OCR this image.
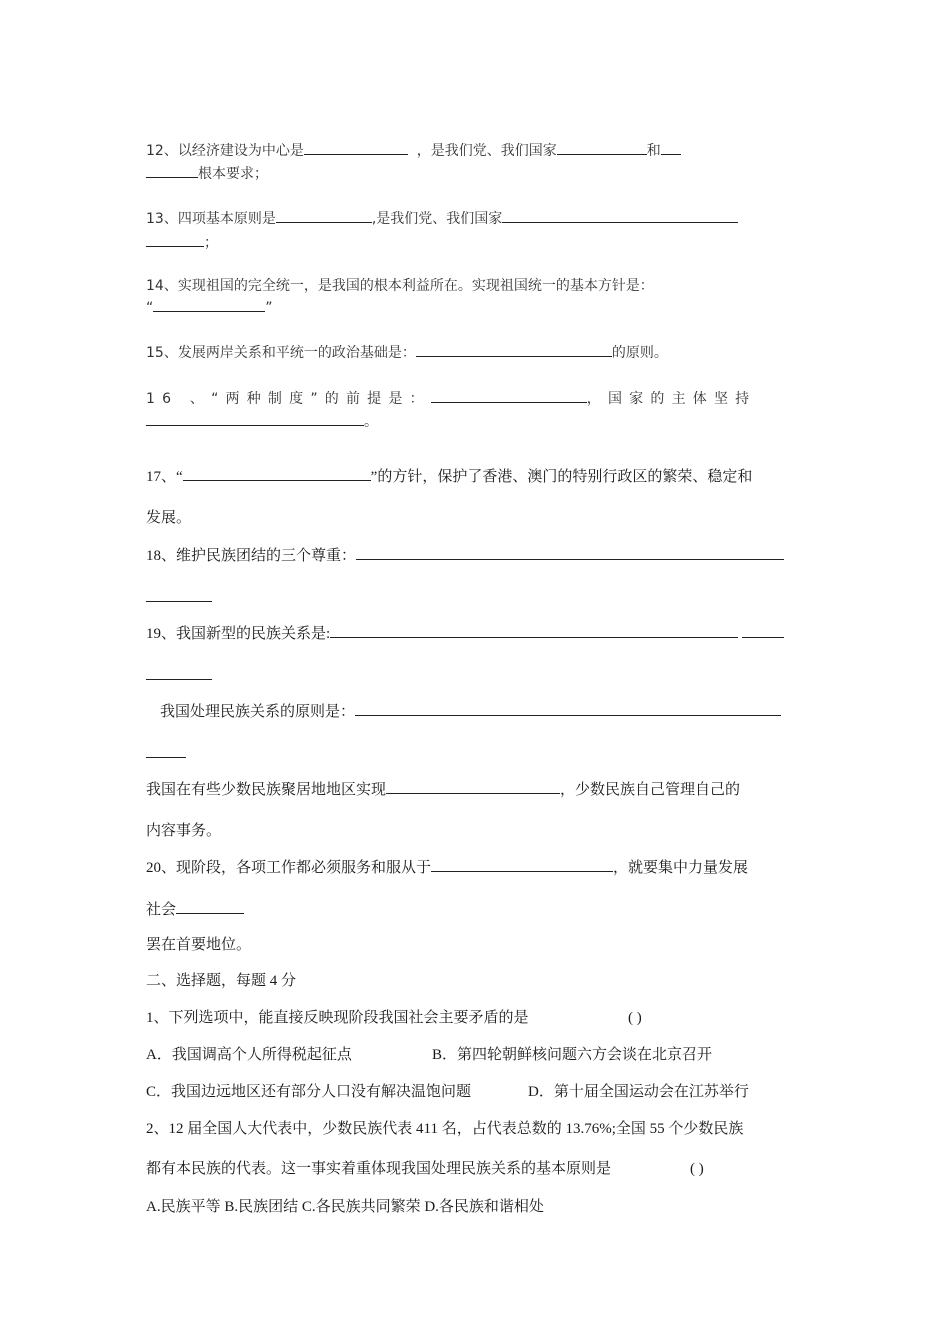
12、以经济建设为中心是	，是我们党、我们国家	和
根本要求；
13、四项基本原则是	,是我们党、我们国家
；
14、实现祖国的完全统一，是我国的根本利益所在。实现祖国统一的基本方针是：
“	”
15、发展两岸关系和平统一的政治基础是：	的原则。
16 、“两种制度”的前提是：	，国家的主体坚持
。
17、“	”的方针，保护了香港、澳门的特别行政区的繁荣、稳定和
发展。
18、维护民族团结的三个尊重：
19、我国新型的民族关系是:
我国处理民族关系的原则是：
我国在有些少数民族聚居地地区实现	，少数民族自己管理自己的
内容事务。
20、现阶段，各项工作都必须服务和服从于	，就要集中力量发展
社会
罢在首要地位。
二、选择题，每题 4 分
1、下列选项中，能直接反映现阶段我国社会主要矛盾的是	( )
A．我国调高个人所得税起征点	B．第四轮朝鲜核问题六方会谈在北京召开
C．我国边远地区还有部分人口没有解决温饱问题	D．第十届全国运动会在江苏举行
2、12 届全国人大代表中，少数民族代表 411 名，占代表总数的 13.76%;全国 55 个少数民族
都有本民族的代表。这一事实着重体现我国处理民族关系的基本原则是	( )
A.民族平等 B.民族团结 C.各民族共同繁荣 D.各民族和谐相处
